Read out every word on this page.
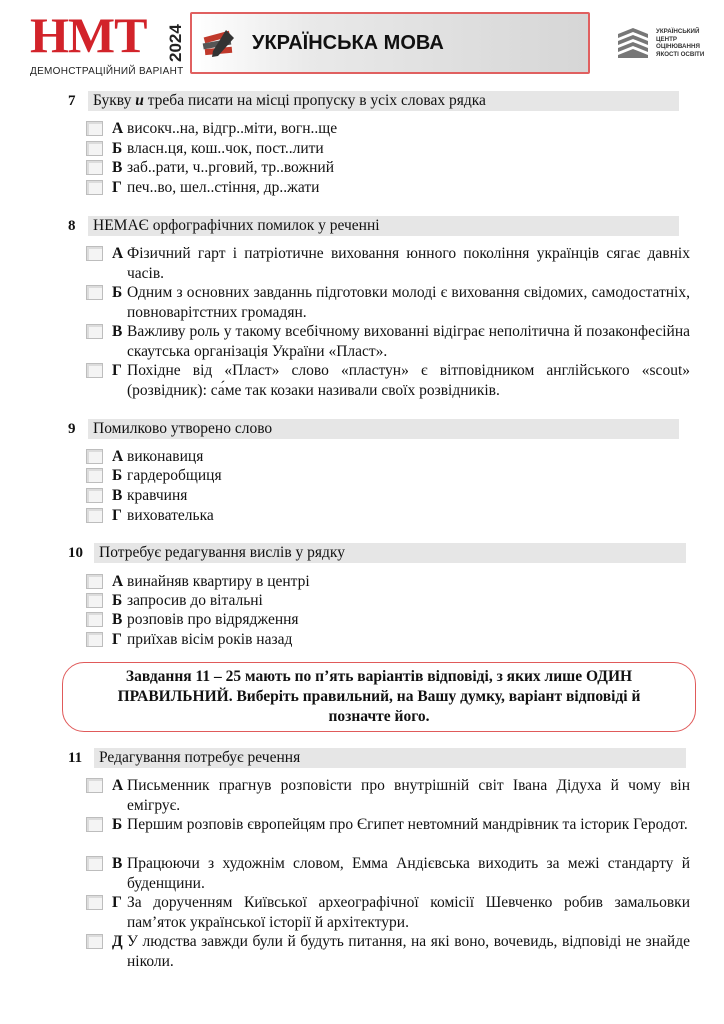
НМТ 2024
ДЕМОНСТРАЦІЙНИЙ ВАРІАНТ
УКРАЇНСЬКА МОВА
УКРАЇНСЬКИЙ ЦЕНТР ОЦІНЮВАННЯ ЯКОСТІ ОСВІТИ
7 Букву и треба писати на місці пропуску в усіх словах рядка
А високч..на, відгр..міти, вогн..ще
Б власн.ця, кош..чок, пост..лити
В заб..рати, ч..рговий, тр..вожний
Г печ..во, шел..стіння, др..жати
8 НЕМАЄ орфографічних помилок у реченні
А Фізичний гарт і патріотичне виховання юнного покоління українців сягає давніх часів.
Б Одним з основних завданнь підготовки молоді є виховання свідомих, самодостатніх, повноварітстних громадян.
В Важливу роль у такому всебічному вихованні відіграє неполітична й позаконфесійна скаутська організація України «Пласт».
Г Похідне від «Пласт» слово «пластун» є вітповідником англійського «scout» (розвідник): са́ме так козаки називали своїх розвідників.
9 Помилково утворено слово
А виконавиця
Б гардеробщиця
В кравчиня
Г вихователька
10 Потребує редагування вислів у рядку
А винайняв квартиру в центрі
Б запросив до вітальні
В розповів про відрядження
Г приїхав вісім років назад
Завдання 11 – 25 мають по п’ять варіантів відповіді, з яких лише ОДИН ПРАВИЛЬНИЙ. Виберіть правильний, на Вашу думку, варіант відповіді й позначте його.
11 Редагування потребує речення
А Письменник прагнув розповісти про внутрішній світ Івана Дідуха й чому він емігрує.
Б Першим розповів європейцям про Єгипет невтомний мандрівник та історик Геродот.
В Працюючи з художнім словом, Емма Андієвська виходить за межі стандарту й буденщини.
Г За дорученням Київської археографічної комісії Шевченко робив замальовки пам’яток української історії й архітектури.
Д У людства завжди були й будуть питання, на які воно, вочевидь, відповіді не знайде ніколи.
